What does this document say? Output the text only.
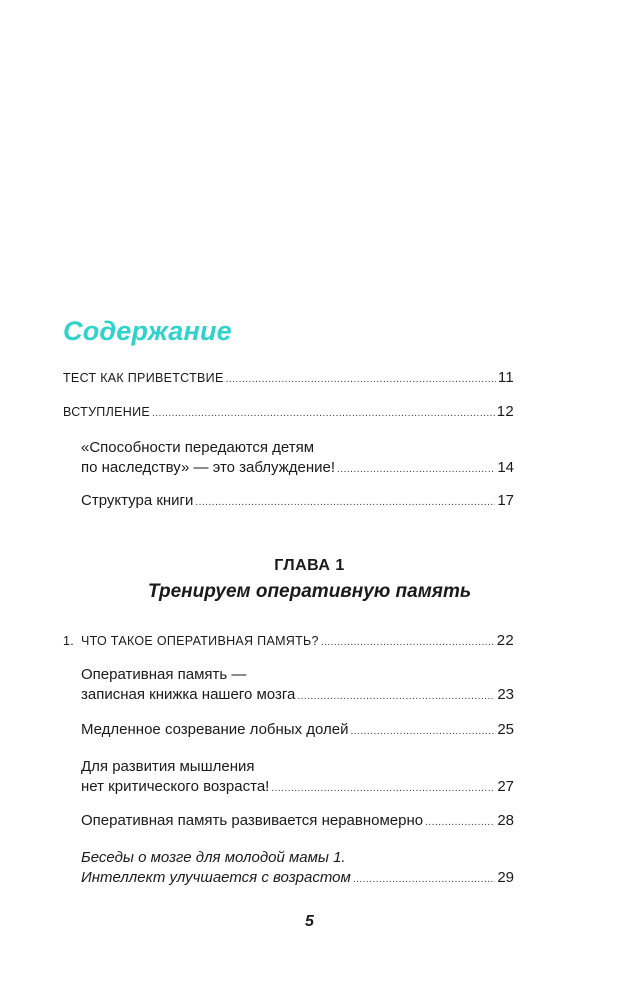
Содержание
ТЕСТ КАК ПРИВЕТСТВИЕ .....	11
ВСТУПЛЕНИЕ .....	12
«Способности передаются детям
по наследству» — это заблуждение! .....	14
Структура книги .....	17
ГЛАВА 1
Тренируем оперативную память
1. ЧТО ТАКОЕ ОПЕРАТИВНАЯ ПАМЯТЬ? .....	22
Оперативная память —
записная книжка нашего мозга .....	23
Медленное созревание лобных долей .....	25
Для развития мышления
нет критического возраста! .....	27
Оперативная память развивается неравномерно .....	28
Беседы о мозге для молодой мамы 1.
Интеллект улучшается с возрастом .....	29
5
